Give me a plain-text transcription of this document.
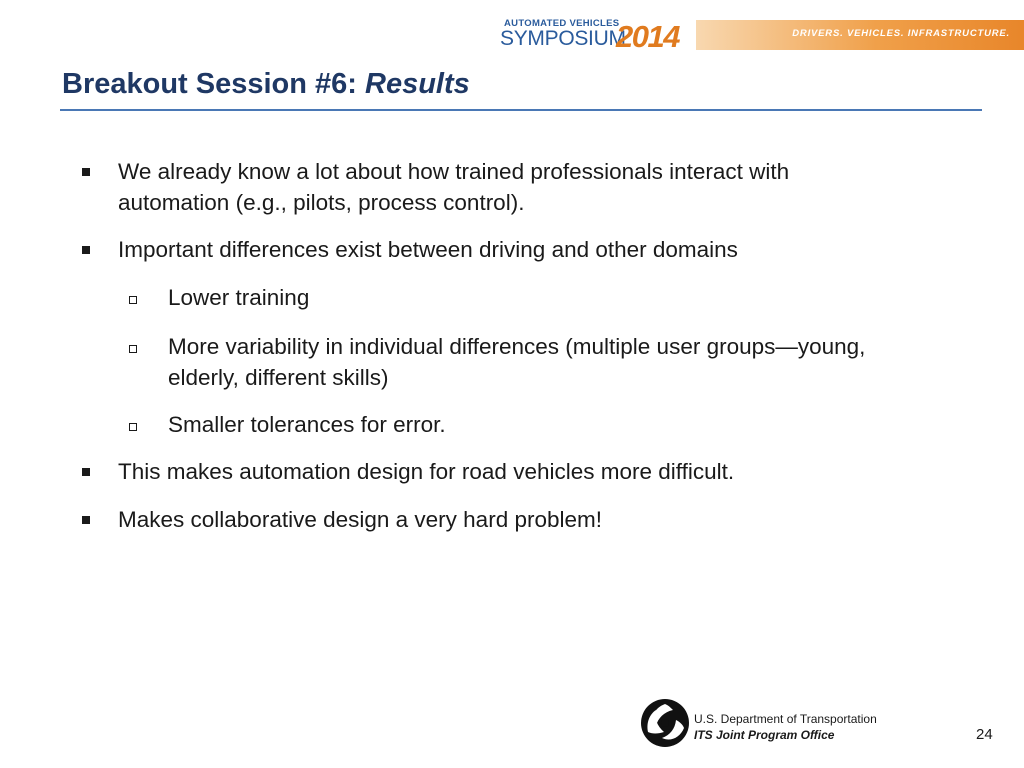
AUTOMATED VEHICLES
SYMPOSIUM
2014	DRIVERS. VEHICLES. INFRASTRUCTURE.
Breakout Session #6: Results
We already know a lot about how trained professionals interact with
automation (e.g., pilots, process control).
Important differences exist between driving and other domains
Lower training
More variability in individual differences (multiple user groups—young,
elderly, different skills)
Smaller tolerances for error.
This makes automation design for road vehicles more difficult.
Makes collaborative design a very hard problem!
U.S. Department of Transportation
ITS Joint Program Office	24
